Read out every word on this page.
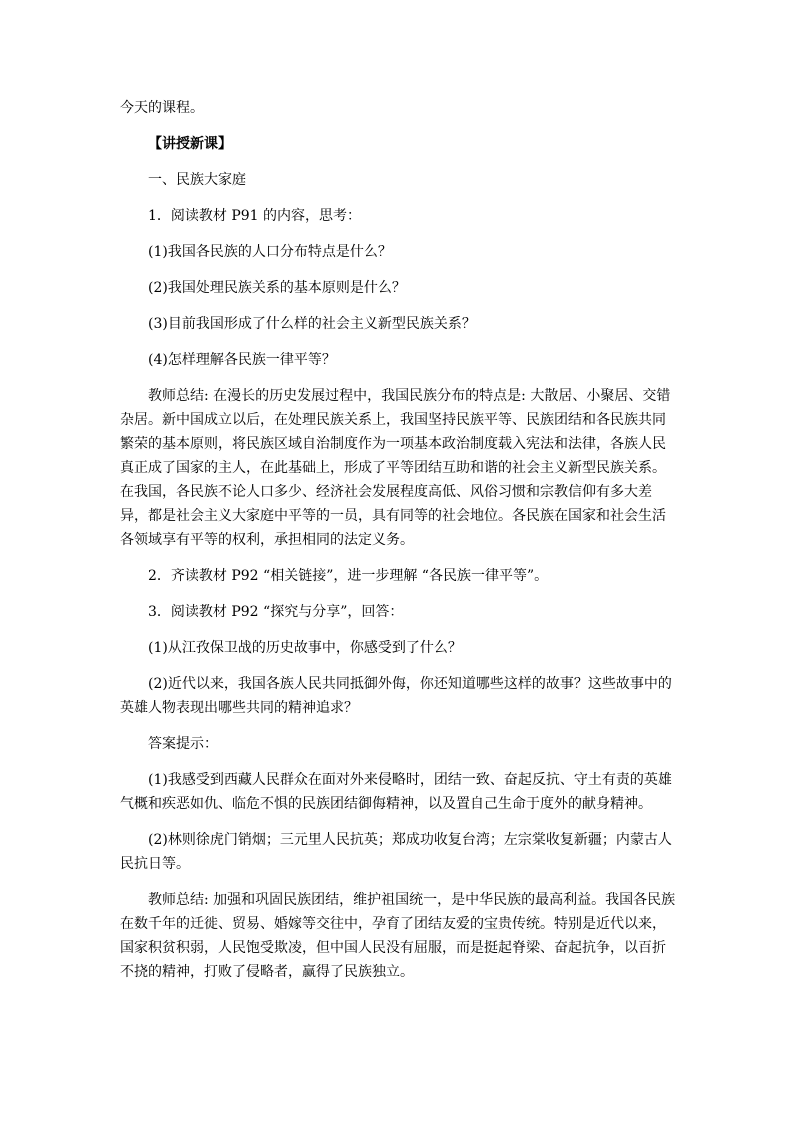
今天的课程。

【讲授新课】

一、民族大家庭

1．阅读教材 P91 的内容，思考：

(1)我国各民族的人口分布特点是什么？

(2)我国处理民族关系的基本原则是什么？

(3)目前我国形成了什么样的社会主义新型民族关系？

(4)怎样理解各民族一律平等？

教师总结: 在漫长的历史发展过程中，我国民族分布的特点是: 大散居、小聚居、交错杂居。新中国成立以后，在处理民族关系上，我国坚持民族平等、民族团结和各民族共同繁荣的基本原则，将民族区域自治制度作为一项基本政治制度载入宪法和法律，各族人民真正成了国家的主人，在此基础上，形成了平等团结互助和谐的社会主义新型民族关系。在我国，各民族不论人口多少、经济社会发展程度高低、风俗习惯和宗教信仰有多大差异，都是社会主义大家庭中平等的一员，具有同等的社会地位。各民族在国家和社会生活各领域享有平等的权利，承担相同的法定义务。

2．齐读教材 P92 “相关链接”，进一步理解 “各民族一律平等”。

3．阅读教材 P92 “探究与分享”，回答：

(1)从江孜保卫战的历史故事中，你感受到了什么？

(2)近代以来，我国各族人民共同抵御外侮，你还知道哪些这样的故事？这些故事中的英雄人物表现出哪些共同的精神追求？

答案提示：

(1)我感受到西藏人民群众在面对外来侵略时，团结一致、奋起反抗、守土有责的英雄气概和疾恶如仇、临危不惧的民族团结御侮精神，以及置自己生命于度外的献身精神。

(2)林则徐虎门销烟；三元里人民抗英；郑成功收复台湾；左宗棠收复新疆；内蒙古人民抗日等。

教师总结: 加强和巩固民族团结，维护祖国统一，是中华民族的最高利益。我国各民族在数千年的迁徙、贸易、婚嫁等交往中，孕育了团结友爱的宝贵传统。特别是近代以来，国家积贫积弱，人民饱受欺凌，但中国人民没有屈服，而是挺起脊梁、奋起抗争，以百折不挠的精神，打败了侵略者，赢得了民族独立。
